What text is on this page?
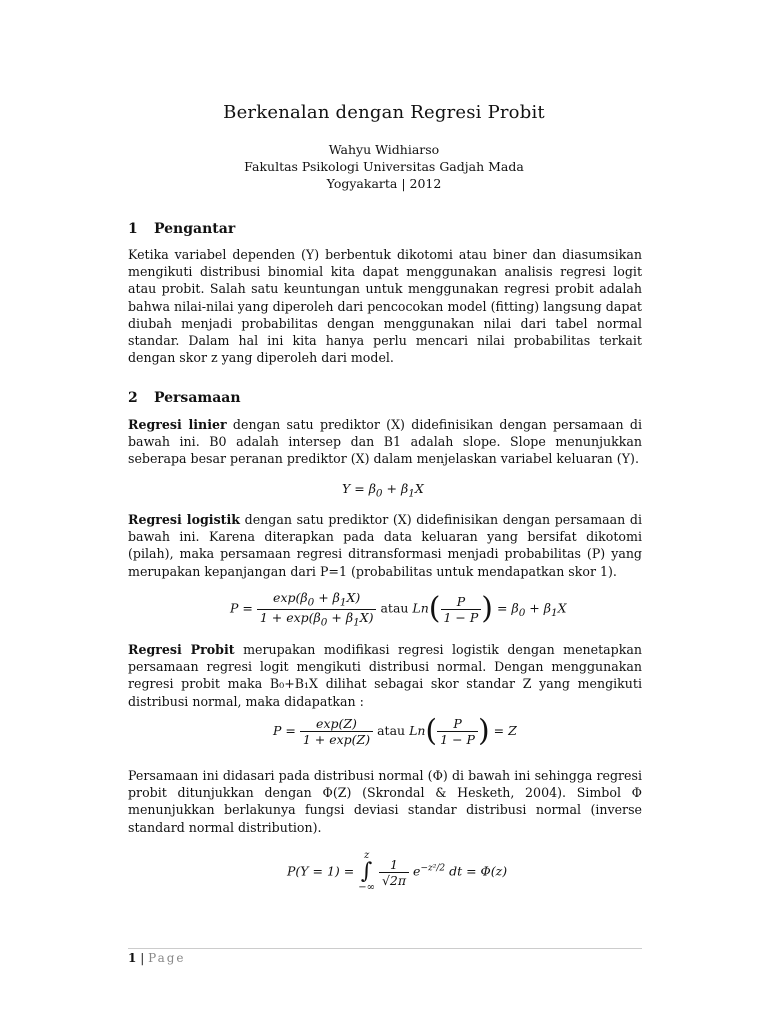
Berkenalan dengan Regresi Probit
Wahyu Widhiarso
Fakultas Psikologi Universitas Gadjah Mada
Yogyakarta | 2012
1 Pengantar
Ketika variabel dependen (Y) berbentuk dikotomi atau biner dan diasumsikan mengikuti distribusi binomial kita dapat menggunakan analisis regresi logit atau probit. Salah satu keuntungan untuk menggunakan regresi probit adalah bahwa nilai-nilai yang diperoleh dari pencocokan model (fitting) langsung dapat diubah menjadi probabilitas dengan menggunakan nilai dari tabel normal standar. Dalam hal ini kita hanya perlu mencari nilai probabilitas terkait dengan skor z yang diperoleh dari model.
2 Persamaan
Regresi linier dengan satu prediktor (X) didefinisikan dengan persamaan di bawah ini. B0 adalah intersep dan B1 adalah slope. Slope menunjukkan seberapa besar peranan prediktor (X) dalam menjelaskan variabel keluaran (Y).
$Y = \beta_0 + \beta_1X$
Regresi logistik dengan satu prediktor (X) didefinisikan dengan persamaan di bawah ini. Karena diterapkan pada data keluaran yang bersifat dikotomi (pilah), maka persamaan regresi ditransformasi menjadi probabilitas (P) yang merupakan kepanjangan dari P=1 (probabilitas untuk mendapatkan skor 1).
$P = \frac{\exp(\beta_0 + \beta_1X)}{1 + \exp(\beta_0 + \beta_1X)}$ atau $Ln( \frac{P}{1 - P}$ ) = $\beta_0 + \beta_1X$
Regresi Probit merupakan modifikasi regresi logistik dengan menetapkan persamaan regresi logit mengikuti distribusi normal. Dengan menggunakan regresi probit maka B₀+B₁X dilihat sebagai skor standar Z yang mengikuti distribusi normal, maka didapatkan :
$P = \frac{\exp(Z)}{1 + \exp(Z)}$ atau $Ln( \frac{P}{1 - P}$ ) = Z
Persamaan ini didasari pada distribusi normal (Φ) di bawah ini sehingga regresi probit ditunjukkan dengan Φ(Z) (Skrondal & Hesketh, 2004). Simbol Φ menunjukkan berlakunya fungsi deviasi standar distribusi normal (inverse standard normal distribution).
P(Y = 1) =
z
∫
−∞
$\frac{1}{√2\pi} e^{-z^2/2}$ dt = Φ(z)
1 | Page
